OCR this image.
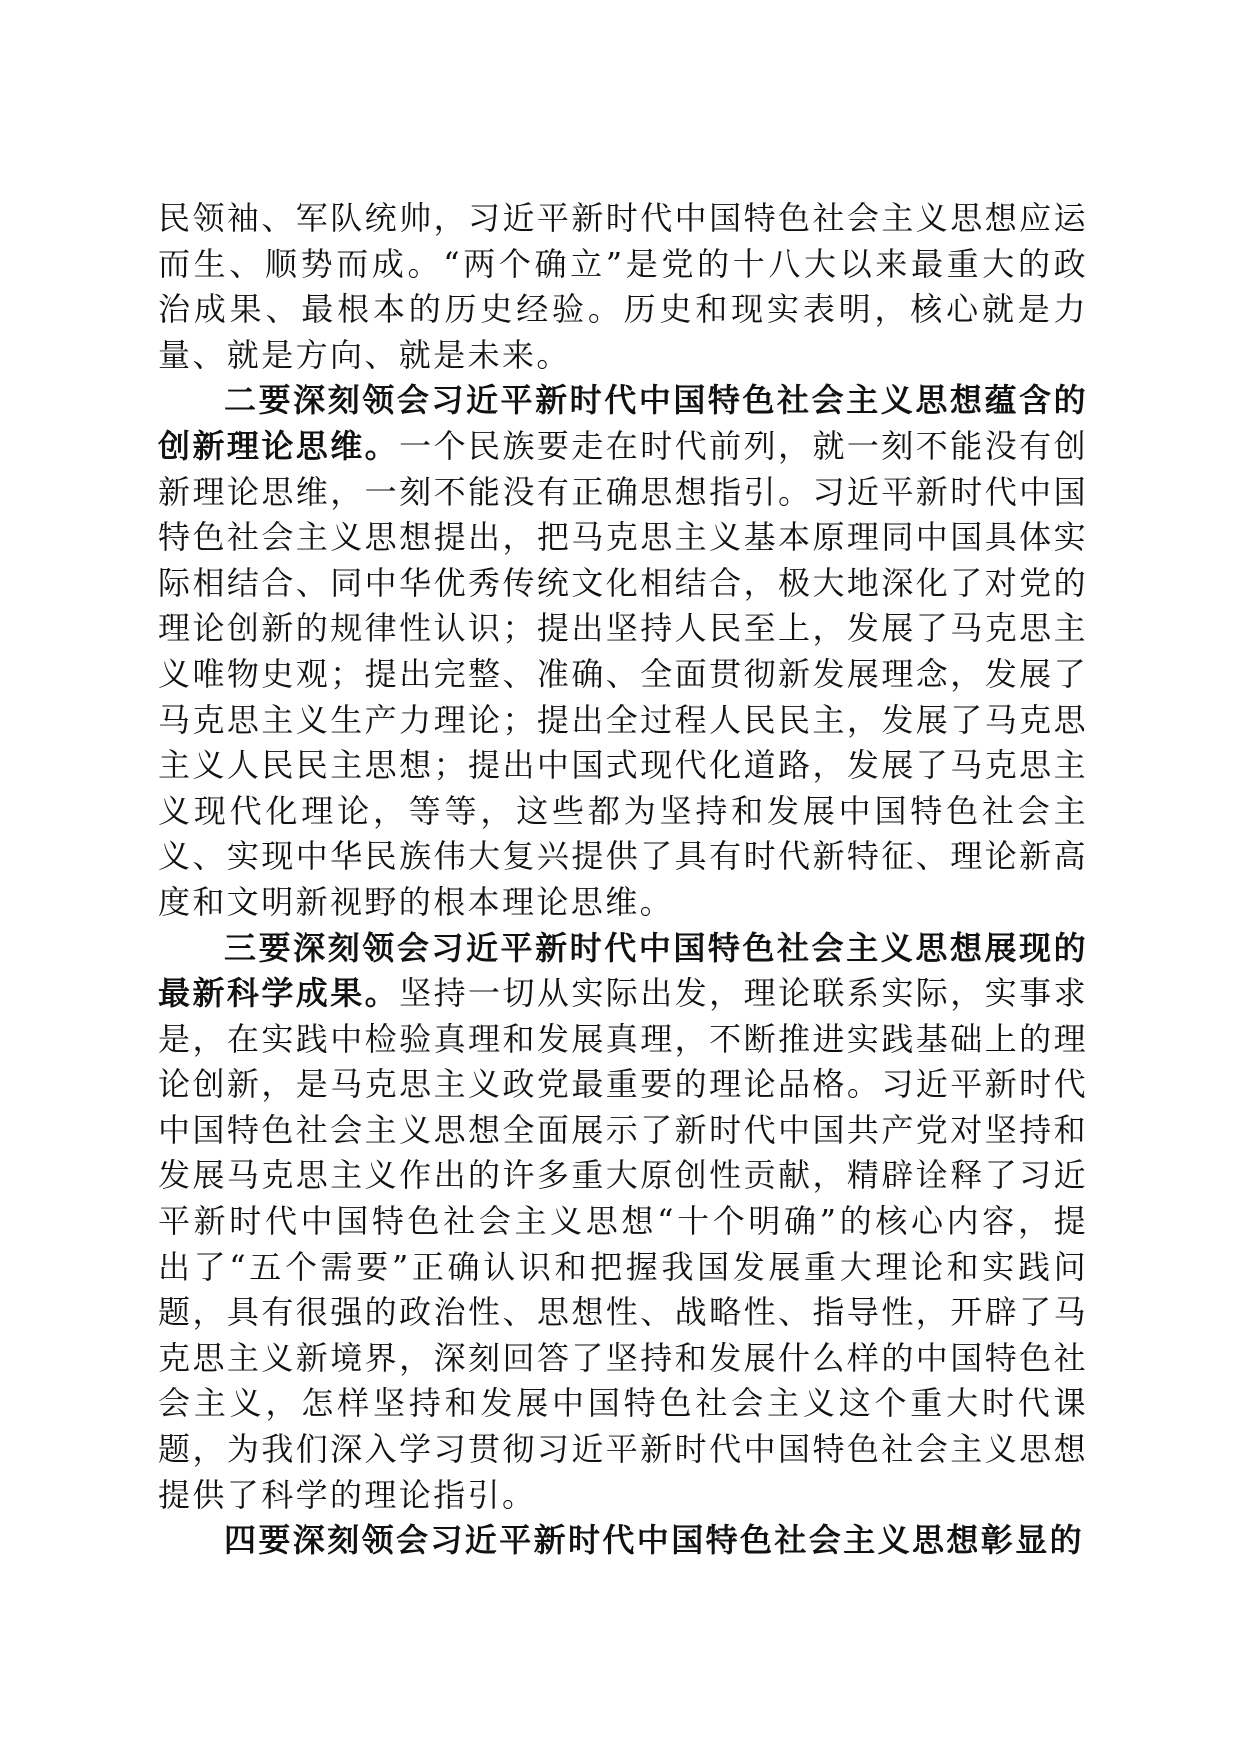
民领袖、军队统帅，习近平新时代中国特色社会主义思想应运而生、顺势而成。“两个确立”是党的十八大以来最重大的政治成果、最根本的历史经验。历史和现实表明，核心就是力量、就是方向、就是未来。

二要深刻领会习近平新时代中国特色社会主义思想蕴含的创新理论思维。一个民族要走在时代前列，就一刻不能没有创新理论思维，一刻不能没有正确思想指引。习近平新时代中国特色社会主义思想提出，把马克思主义基本原理同中国具体实际相结合、同中华优秀传统文化相结合，极大地深化了对党的理论创新的规律性认识；提出坚持人民至上，发展了马克思主义唯物史观；提出完整、准确、全面贯彻新发展理念，发展了马克思主义生产力理论；提出全过程人民民主，发展了马克思主义人民民主思想；提出中国式现代化道路，发展了马克思主义现代化理论，等等，这些都为坚持和发展中国特色社会主义、实现中华民族伟大复兴提供了具有时代新特征、理论新高度和文明新视野的根本理论思维。

三要深刻领会习近平新时代中国特色社会主义思想展现的最新科学成果。坚持一切从实际出发，理论联系实际，实事求是，在实践中检验真理和发展真理，不断推进实践基础上的理论创新，是马克思主义政党最重要的理论品格。习近平新时代中国特色社会主义思想全面展示了新时代中国共产党对坚持和发展马克思主义作出的许多重大原创性贡献，精辟诠释了习近平新时代中国特色社会主义思想“十个明确”的核心内容，提出了“五个需要”正确认识和把握我国发展重大理论和实践问题，具有很强的政治性、思想性、战略性、指导性，开辟了马克思主义新境界，深刻回答了坚持和发展什么样的中国特色社会主义，怎样坚持和发展中国特色社会主义这个重大时代课题，为我们深入学习贯彻习近平新时代中国特色社会主义思想提供了科学的理论指引。

四要深刻领会习近平新时代中国特色社会主义思想彰显的
